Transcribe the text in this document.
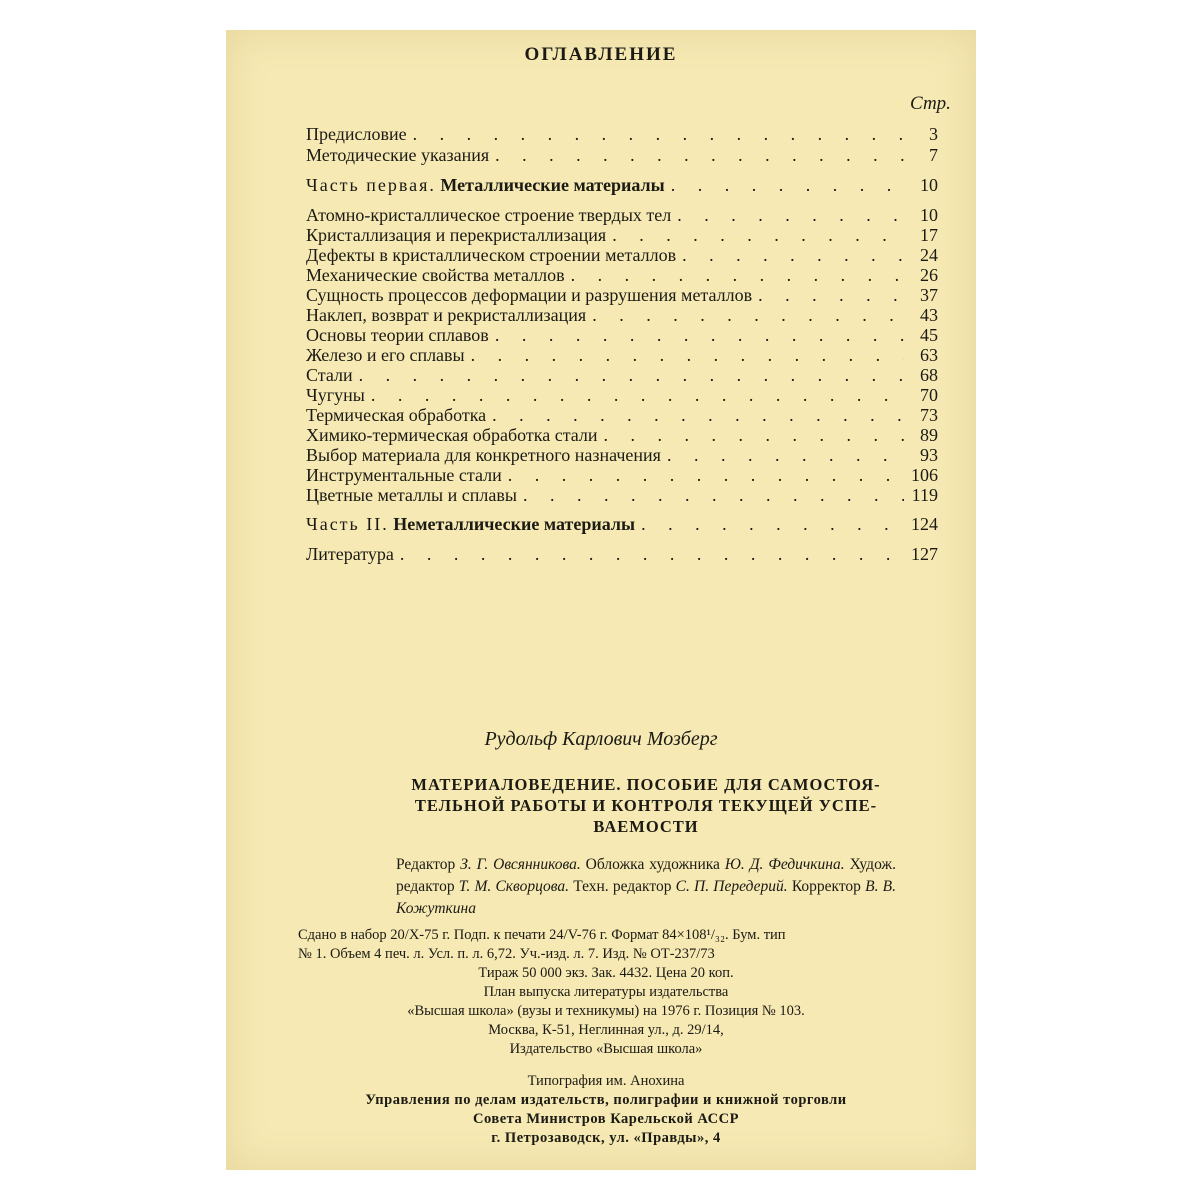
ОГЛАВЛЕНИЕ
Стр.
Предисловие . . .	3
Методические указания . . .	7
Часть первая. Металлические материалы . . .	10
Атомно-кристаллическое строение твердых тел . . .	10
Кристаллизация и перекристаллизация . . .	17
Дефекты в кристаллическом строении металлов . . .	24
Механические свойства металлов . . .	26
Сущность процессов деформации и разрушения металлов . . .	37
Наклеп, возврат и рекристаллизация . . .	43
Основы теории сплавов . . .	45
Железо и его сплавы . . .	63
Стали . . .	68
Чугуны . . .	70
Термическая обработка . . .	73
Химико-термическая обработка стали . . .	89
Выбор материала для конкретного назначения . . .	93
Инструментальные стали . . .	106
Цветные металлы и сплавы . . .	119
Часть II. Неметаллические материалы . . .	124
Литература . . .	127
Рудольф Карлович Мозберг
МАТЕРИАЛОВЕДЕНИЕ. ПОСОБИЕ ДЛЯ САМОСТОЯ-ТЕЛЬНОЙ РАБОТЫ И КОНТРОЛЯ ТЕКУЩЕЙ УСПЕ-ВАЕМОСТИ
Редактор З. Г. Овсянникова. Обложка художника Ю. Д. Федичкина. Худож. редактор Т. М. Скворцова. Техн. редактор С. П. Передерий. Корректор В. В. Кожуткина
Сдано в набор 20/X-75 г. Подп. к печати 24/V-76 г. Формат 84×108¹/₃₂. Бум. тип
№ 1. Объем 4 печ. л. Усл. п. л. 6,72. Уч.-изд. л. 7. Изд. № ОТ-237/73
Тираж 50 000 экз. Зак. 4432. Цена 20 коп.
План выпуска литературы издательства
«Высшая школа» (вузы и техникумы) на 1976 г. Позиция № 103.
Москва, К-51, Неглинная ул., д. 29/14,
Издательство «Высшая школа»
Типография им. Анохина
Управления по делам издательств, полиграфии и книжной торговли
Совета Министров Карельской АССР
г. Петрозаводск, ул. «Правды», 4
